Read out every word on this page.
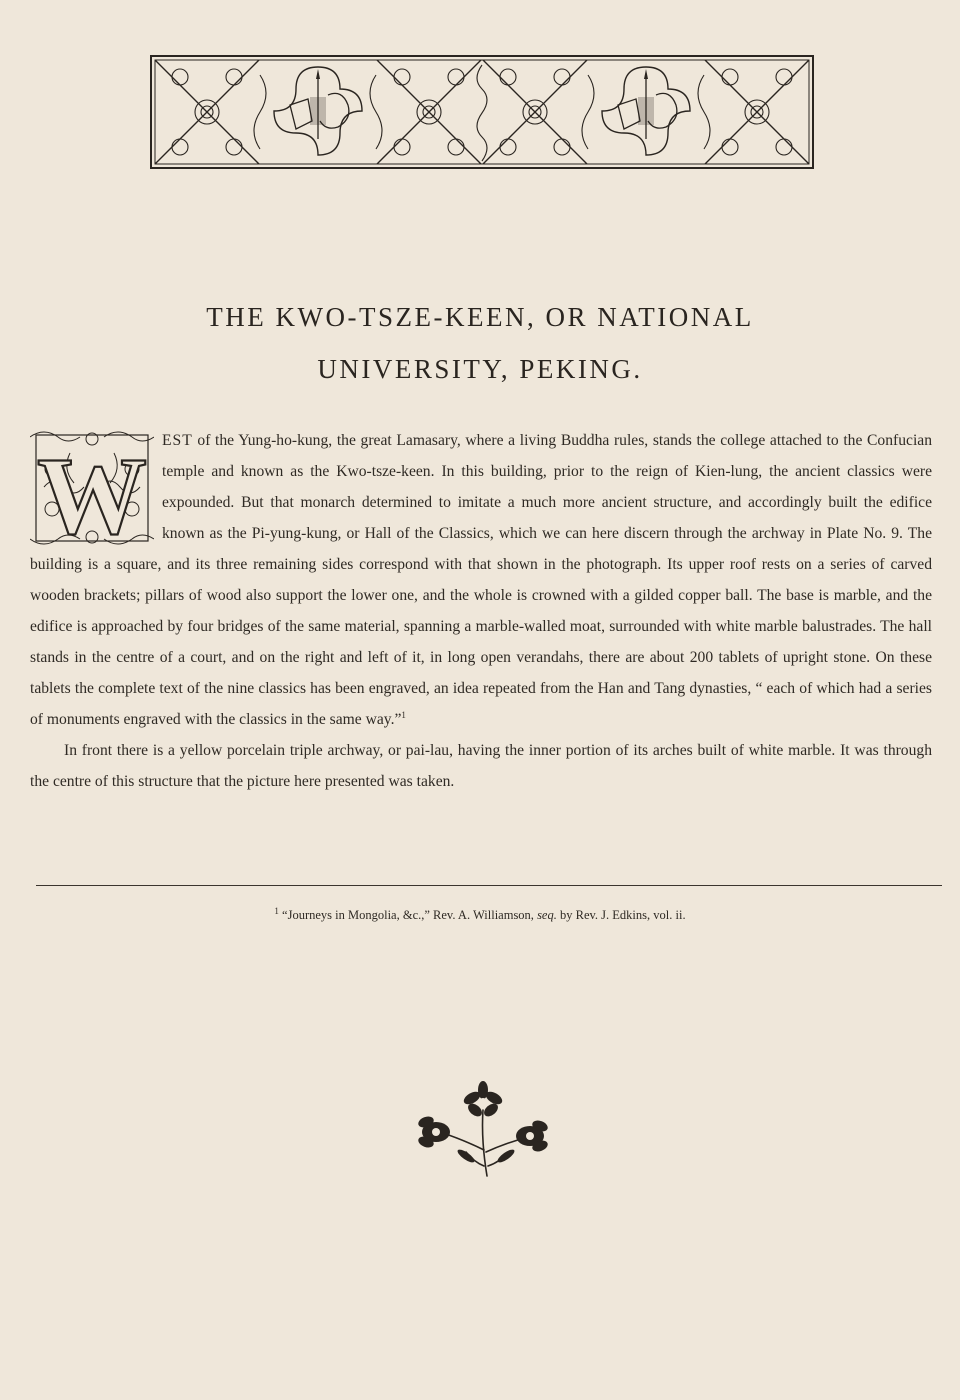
THE KWO-TSZE-KEEN, OR NATIONAL
UNIVERSITY, PEKING.
W EST of the Yung-ho-kung, the great Lamasary, where a living Buddha rules, stands the college attached to the Confucian temple and known as the Kwo-tsze-keen. In this building, prior to the reign of Kien-lung, the ancient classics were expounded. But that monarch determined to imitate a much more ancient structure, and accordingly built the edifice known as the Pi-yung-kung, or Hall of the Classics, which we can here discern through the archway in Plate No. 9. The building is a square, and its three remaining sides correspond with that shown in the photograph. Its upper roof rests on a series of carved wooden brackets; pillars of wood also support the lower one, and the whole is crowned with a gilded copper ball. The base is marble, and the edifice is approached by four bridges of the same material, spanning a marble-walled moat, surrounded with white marble balustrades. The hall stands in the centre of a court, and on the right and left of it, in long open verandahs, there are about 200 tablets of upright stone. On these tablets the complete text of the nine classics has been engraved, an idea repeated from the Han and Tang dynasties, “ each of which had a series of monuments engraved with the classics in the same way.”$^1$

In front there is a yellow porcelain triple archway, or pai-lau, having the inner portion of its arches built of white marble. It was through the centre of this structure that the picture here presented was taken.

$^1$ “Journeys in Mongolia, &c.,” Rev. A. Williamson, seq. by Rev. J. Edkins, vol. ii.
